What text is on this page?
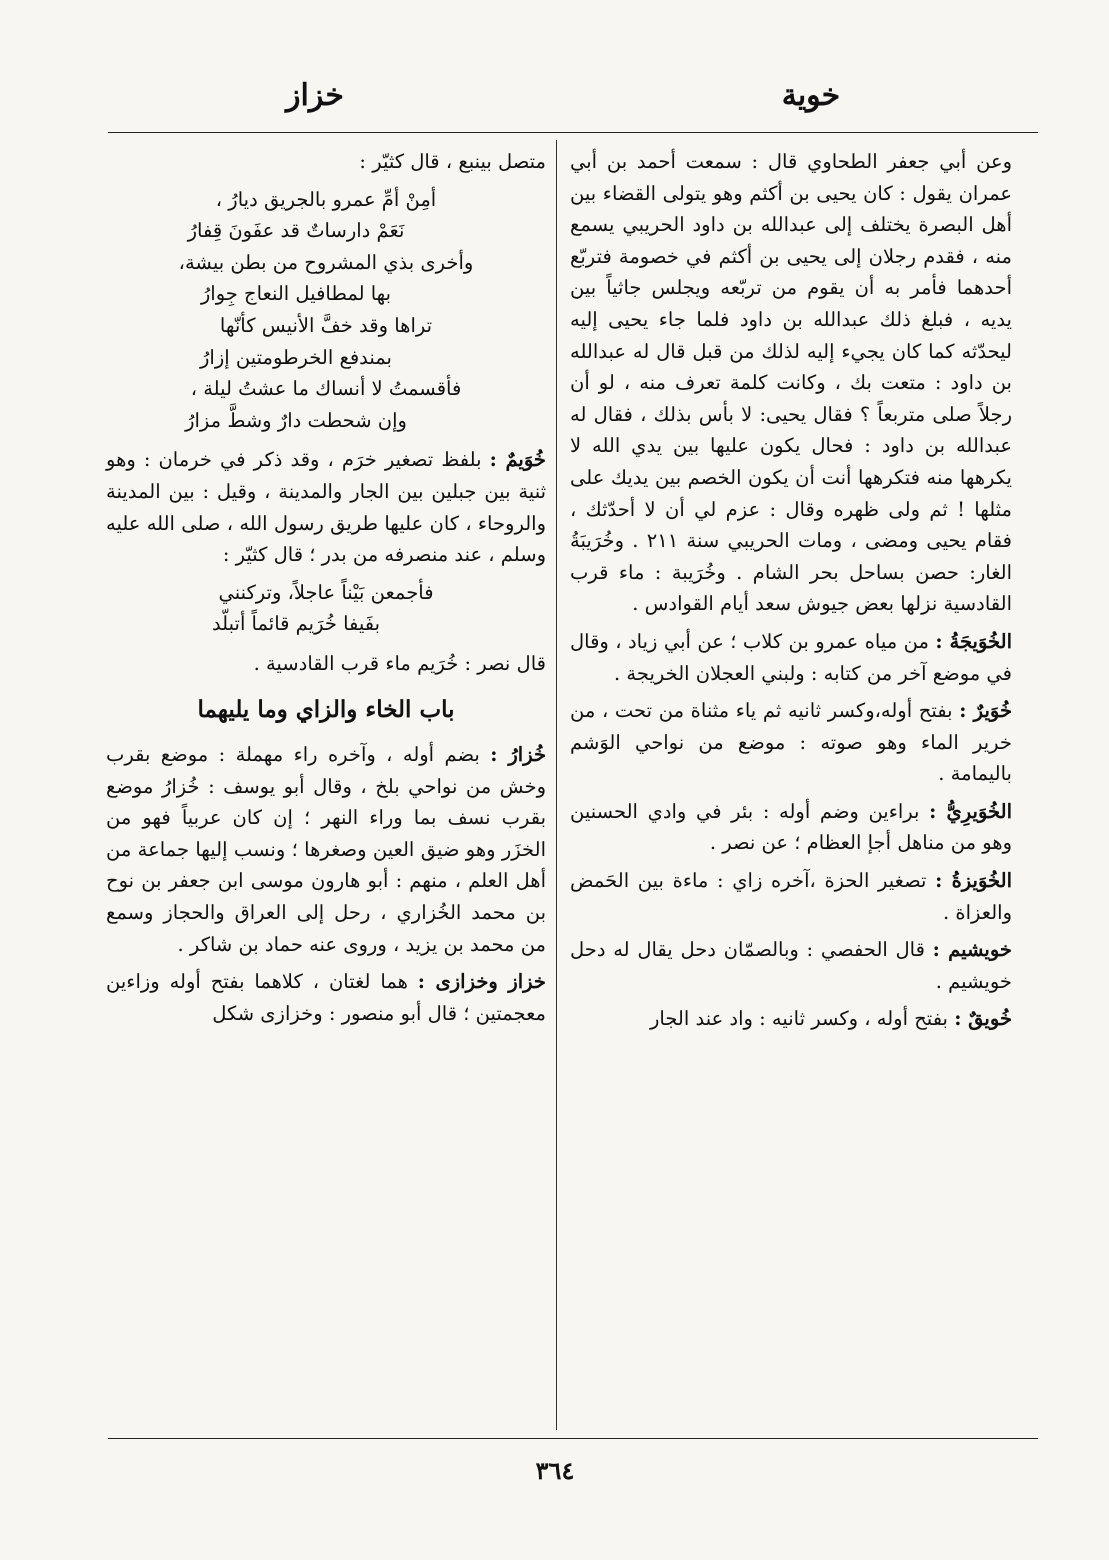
خوية
خزاز

وعن أبي جعفر الطحاوي قال : سمعت أحمد بن أبي عمران يقول : كان يحيى بن أكثم وهو يتولى القضاء بين أهل البصرة يختلف إلى عبدالله بن داود الحريبي يسمع منه ، فقدم رجلان إلى يحيى بن أكثم في خصومة فتربّع أحدهما فأمر به أن يقوم من تربّعه ويجلس جاثياً بين يديه ، فبلغ ذلك عبدالله بن داود فلما جاء يحيى إليه ليحدّثه كما كان يجيء إليه لذلك من قبل قال له عبدالله بن داود : متعت بك ، وكانت كلمة تعرف منه ، لو أن رجلاً صلى متربعاً ؟ فقال يحيى: لا بأس بذلك ، فقال له عبدالله بن داود : فحال يكون عليها بين يدي الله لا يكرهها منه فتكرهها أنت أن يكون الخصم بين يديك على مثلها ! ثم ولى ظهره وقال : عزم لي أن لا أحدّثك ، فقام يحيى ومضى ، ومات الحريبي سنة ٢١١ . وخُرَيبَةُ الغار: حصن بساحل بحر الشام . وخُرَيبة : ماء قرب القادسية نزلها بعض جيوش سعد أيام القوادس .

الخُوَيجَةُ : من مياه عمرو بن كلاب ؛ عن أبي زياد ، وقال في موضع آخر من كتابه : ولبني العجلان الخريجة .

خُوَيرٌ : بفتح أوله،وكسر ثانيه ثم ياء مثناة من تحت ، من خرير الماء وهو صوته : موضع من نواحي الوَشم باليمامة .

الخُوَيرِيُّ : براءين وضم أوله : بئر في وادي الحسنين وهو من مناهل أجإ العظام ؛ عن نصر .

الخُوَيزةُ : تصغير الحزة ،آخره زاي : ماءة بين الحَمض والعزاة .

خويشيم : قال الحفصي : وبالصمّان دحل يقال له دحل خويشيم .

خُويقٌ : بفتح أوله ، وكسر ثانيه : واد عند الجار

متصل بينبع ، قال كثيّر :

أمِنْ أمِّ عمرو بالجريق ديارُ ،
نَعَمْ دارساتٌ قد عفَونَ قِفارُ
وأخرى بذي المشروح من بطن بيشة،
بها لمطافيل النعاج جِوارُ
تراها وقد خفَّ الأنيس كأنّها
بمندفع الخرطومتين إزارُ
فأقسمتُ لا أنساك ما عشتُ ليلة ،
وإن شحطت دارٌ وشطَّ مزارُ

خُوَيمٌ : بلفظ تصغير خرَم ، وقد ذكر في خرمان : وهو ثنية بين جبلين بين الجار والمدينة ، وقيل : بين المدينة والروحاء ، كان عليها طريق رسول الله ، صلى الله عليه وسلم ، عند منصرفه من بدر ؛ قال كثيّر :

فأجمعن بَيْناً عاجلاً، وتركنني
بفَيفا خُرَيم قائماً أتبلّد

قال نصر : خُرَيم ماء قرب القادسية .

باب الخاء والزاي وما يليهما

خُزارُ : بضم أوله ، وآخره راء مهملة : موضع بقرب وخش من نواحي بلخ ، وقال أبو يوسف : خُزارُ موضع بقرب نسف بما وراء النهر ؛ إن كان عربياً فهو من الخزَر وهو ضيق العين وصغرها ؛ ونسب إليها جماعة من أهل العلم ، منهم : أبو هارون موسى ابن جعفر بن نوح بن محمد الخُزاري ، رحل إلى العراق والحجاز وسمع من محمد بن يزيد ، وروى عنه حماد بن شاكر .

خزاز وخزازى : هما لغتان ، كلاهما بفتح أوله وزاءين معجمتين ؛ قال أبو منصور : وخزازى شكل

٣٦٤
